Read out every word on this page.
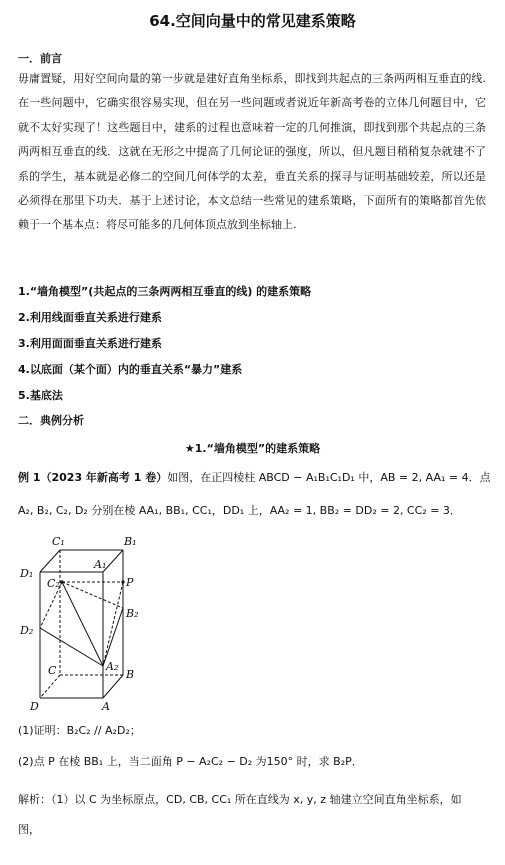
64.空间向量中的常见建系策略
一．前言
毋庸置疑，用好空间向量的第一步就是建好直角坐标系，即找到共起点的三条两两相互垂直的线. 在一些问题中，它确实很容易实现，但在另一些问题或者说近年新高考卷的立体几何题目中，它就不太好实现了！这些题目中，建系的过程也意味着一定的几何推演，即找到那个共起点的三条两两相互垂直的线．这就在无形之中提高了几何论证的强度，所以，但凡题目稍稍复杂就建不了系的学生，基本就是必修二的空间几何体学的太差，垂直关系的探寻与证明基础较差，所以还是必须得在那里下功夫．基于上述讨论，本文总结一些常见的建系策略，下面所有的策略都首先依赖于一个基本点：将尽可能多的几何体顶点放到坐标轴上.
1.“墙角模型”(共起点的三条两两相互垂直的线) 的建系策略
2.利用线面垂直关系进行建系
3.利用面面垂直关系进行建系
4.以底面（某个面）内的垂直关系“暴力”建系
5.基底法
二．典例分析
★1.“墙角模型”的建系策略
例 1（2023 年新高考 1 卷）如图，在正四棱柱 ABCD − A₁B₁C₁D₁ 中，AB = 2, AA₁ = 4．点
A₂, B₂, C₂, D₂ 分别在棱 AA₁, BB₁, CC₁，DD₁ 上，AA₂ = 1, BB₂ = DD₂ = 2, CC₂ = 3．
C₁	B₁
A₁
D₁
C₂	P
B₂
D₂
C	A₂
B
D	A
(1)证明：B₂C₂ // A₂D₂；
(2)点 P 在棱 BB₁ 上，当二面角 P − A₂C₂ − D₂ 为150° 时，求 B₂P．
解析：（1）以 C 为坐标原点，CD, CB, CC₁ 所在直线为 x, y, z 轴建立空间直角坐标系，如
图，
